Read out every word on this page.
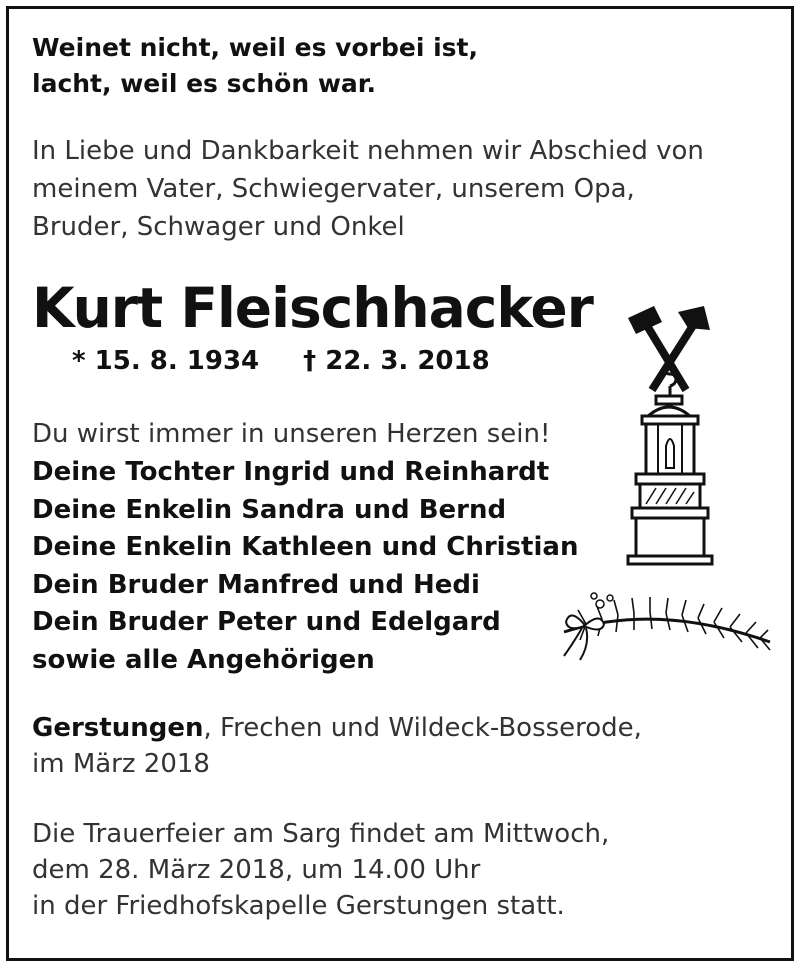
Weinet nicht, weil es vorbei ist,
lacht, weil es schön war.
In Liebe und Dankbarkeit nehmen wir Abschied von
meinem Vater, Schwiegervater, unserem Opa,
Bruder, Schwager und Onkel
Kurt Fleischhacker
* 15. 8. 1934 † 22. 3. 2018
Du wirst immer in unseren Herzen sein!
Deine Tochter Ingrid und Reinhardt
Deine Enkelin Sandra und Bernd
Deine Enkelin Kathleen und Christian
Dein Bruder Manfred und Hedi
Dein Bruder Peter und Edelgard
sowie alle Angehörigen
Gerstungen, Frechen und Wildeck-Bosserode,
im März 2018
Die Trauerfeier am Sarg findet am Mittwoch,
dem 28. März 2018, um 14.00 Uhr
in der Friedhofskapelle Gerstungen statt.
